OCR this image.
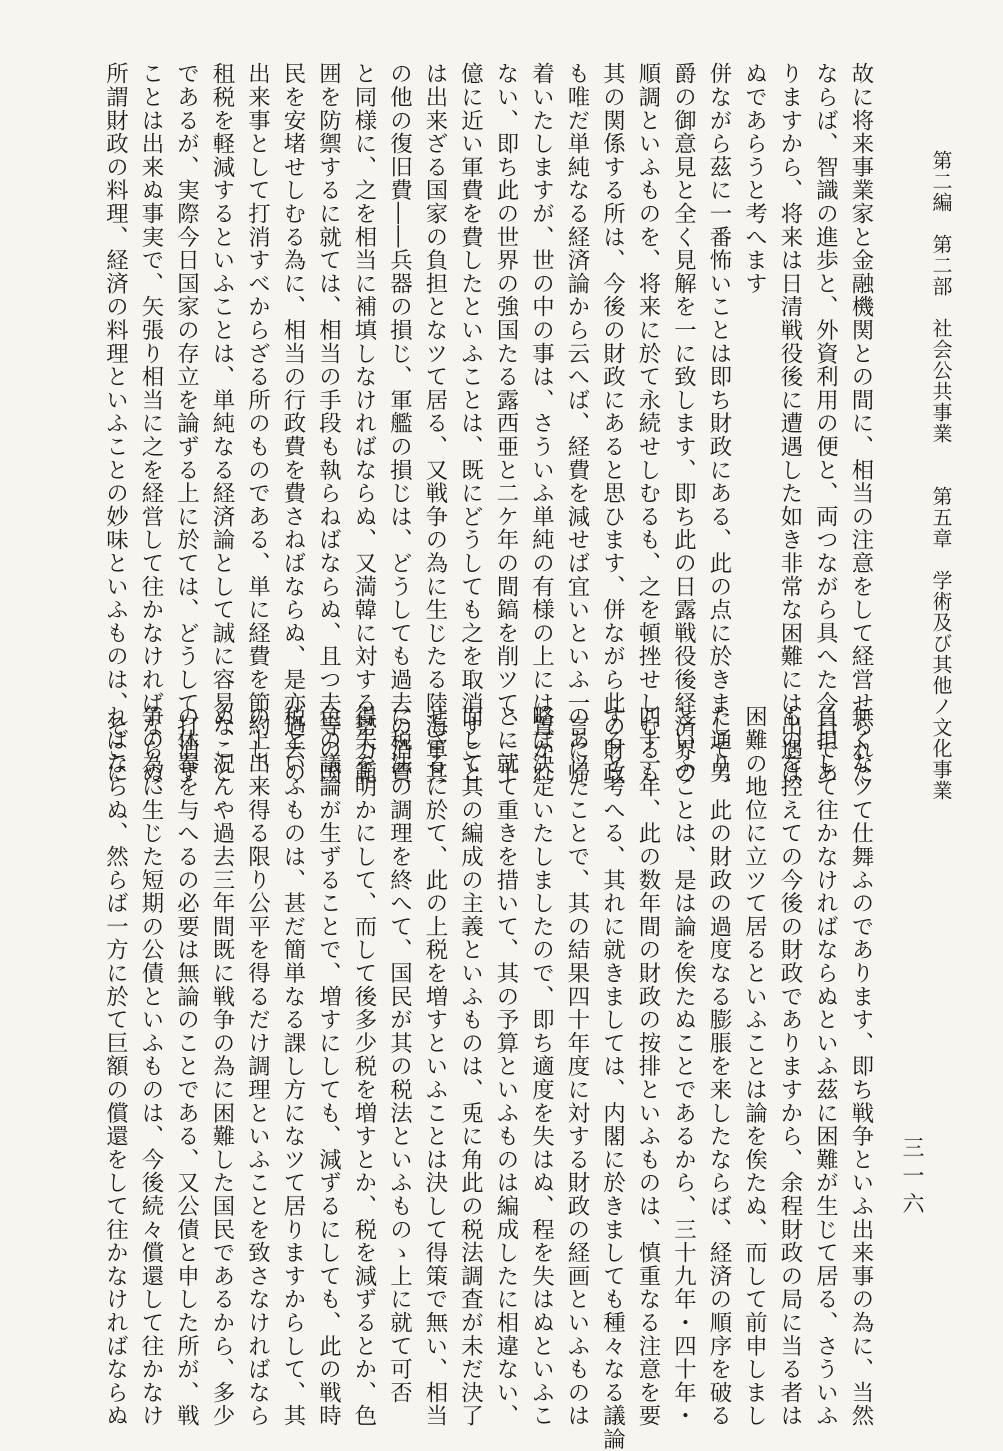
第二編　第二部　社会公共事業　　第五章　学術及び其他ノ文化事業
三一六

故に将来事業家と金融機関との間に、相当の注意をして経営せられた

ならば、智識の進歩と、外資利用の便と、両つながら具へた今日であ

りますから、将来は日清戦役後に遭遇した如き非常な困難には出遇は

ぬであらうと考へます

併ながら茲に一番怖いことは即ち財政にある、此の点に於きまして男

爵の御意見と全く見解を一に致します、即ち此の日露戦役後経済界の

順調といふものを、将来に於て永続せしむるも、之を頓挫せしむるも

其の関係する所は、今後の財政にあると思ひます、併ながら此の財政

も唯だ単純なる経済論から云へば、経費を減せば宜いといふ一言に帰

着いたしますが、世の中の事は、さういふ単純の有様の上には置かれ

ない、即ち此の世界の強国たる露西亜と二ケ年の間鎬を削ツて、二十

億に近い軍費を費したといふことは、既にどうしても之を取消すこと

は出来ざる国家の負担となツて居る、又戦争の為に生じたる陸海軍其

の他の復旧費――兵器の損じ、軍艦の損じは、どうしても過去の消費

と同様に、之を相当に補填しなければならぬ、又満韓に対する勢力範

囲を防禦するに就ては、相当の手段も執らねばならぬ、且つ夫等の国

民を安堵せしむる為に、相当の行政費を費さねばならぬ、是亦過去の

出来事として打消すべからざる所のものである、単に経費を節約し、

租税を軽減するといふことは、単純なる経済論として誠に容易なこと

であるが、実際今日国家の存立を論ずる上に於ては、どうして打消す

ことは出来ぬ事実で、矢張り相当に之を経営して往かなければならぬ、

所謂財政の料理、経済の料理といふことの妙味といふものは、そこに

無くなツて仕舞ふのであります、即ち戦争といふ出来事の為に、当然

負担して往かなければならぬといふ茲に困難が生じて居る、さういふ

ものを控えての今後の財政でありますから、余程財政の局に当る者は

困難の地位に立ツて居るといふことは論を俟たぬ、而して前申しまし

た通り、此の財政の過度なる膨脹を来したならば、経済の順序を破る

といふことは、是は論を俟たぬことであるから、三十九年・四十年・

四十一年、此の数年間の財政の按排といふものは、慎重なる注意を要

すると考へる、其れに就きましては、内閣に於きましても種々なる議論

のあツたことで、其の結果四十年度に対する財政の経画といふものは

略ぼ決定いたしましたので、即ち適度を失はぬ、程を失はぬといふこ

とに就て重きを措いて、其の予算といふものは編成したに相違ない、

而して其の編成の主義といふものは、兎に角此の税法調査が未だ決了

せざるに於て、此の上税を増すといふことは決して得策で無い、相当

に税法の調理を終へて、国民が其の税法といふものゝ上に就て可否

得失を明かにして、而して後多少税を増すとか、税を減ずるとか、色

色の議論が生ずることで、増すにしても、減ずるにしても、此の戦時

税といふものは、甚だ簡単なる課し方になツて居りますからして、其

の上出来得る限り公平を得るだけ調理といふことを致さなければなら

ぬ、況んや過去三年間既に戦争の為に困難した国民であるから、多少

の休養を与へるの必要は無論のことである、又公債と申した所が、戦

争の為に生じた短期の公債といふものは、今後続々償還して往かなけ

ればならぬ、然らば一方に於て巨額の償還をして往かなければならぬ
